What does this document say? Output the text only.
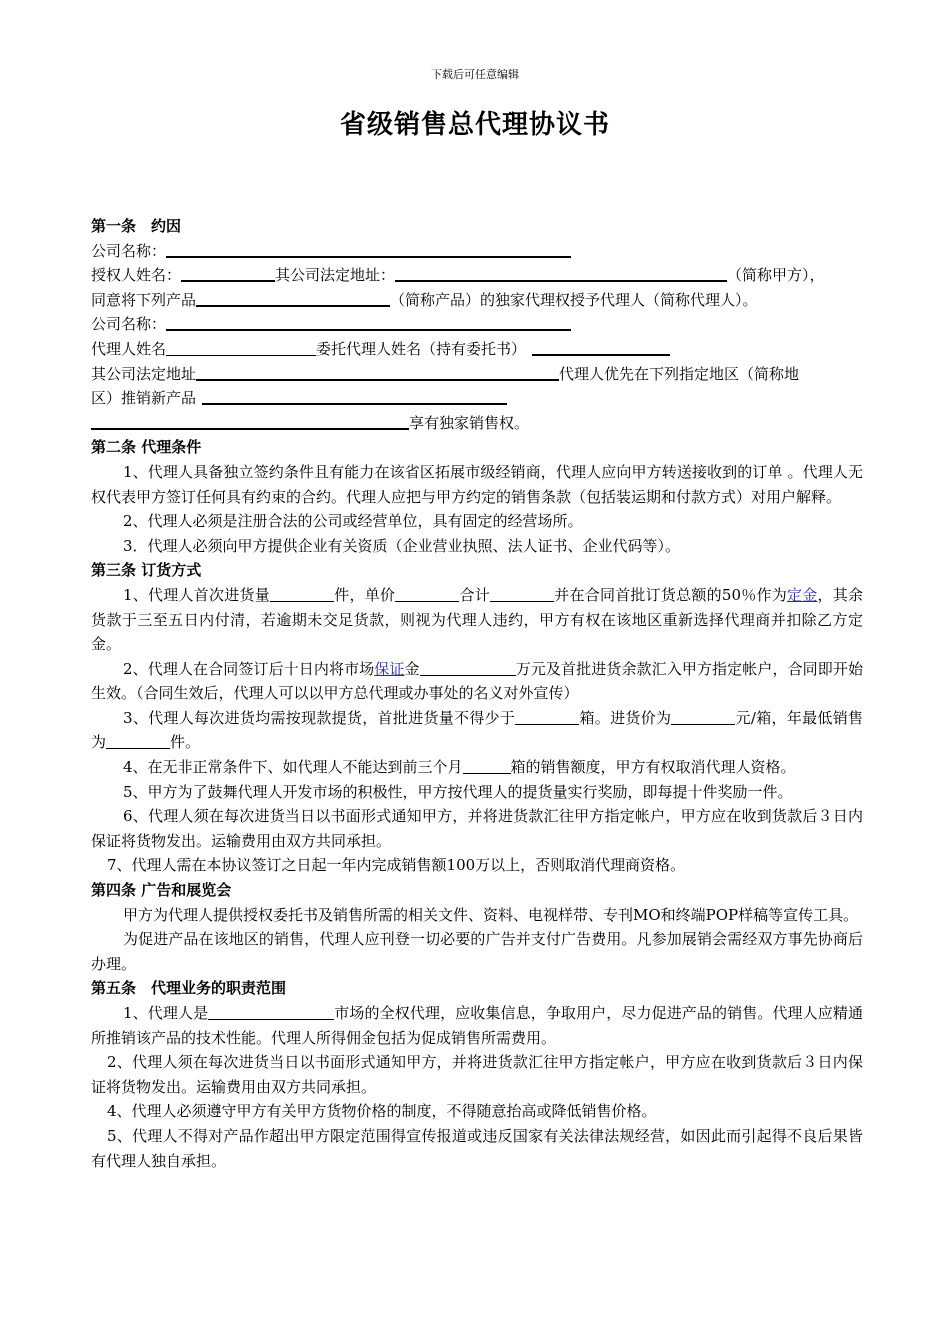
下载后可任意编辑
省级销售总代理协议书
第一条　约因
公司名称：
授权人姓名：	其公司法定地址：	（简称甲方），
同意将下列产品	（简称产品）的独家代理权授予代理人（简称代理人）。
公司名称：
代理人姓名	委托代理人姓名（持有委托书）
其公司法定地址	代理人优先在下列指定地区（简称地
区）推销新产品
享有独家销售权。
第二条 代理条件
1、代理人具备独立签约条件且有能力在该省区拓展市级经销商，代理人应向甲方转送接收到的订单 。代理人无权代表甲方签订任何具有约束的合约。代理人应把与甲方约定的销售条款（包括装运期和付款方式）对用户解释。
2、代理人必须是注册合法的公司或经营单位，具有固定的经营场所。
3．代理人必须向甲方提供企业有关资质（企业营业执照、法人证书、企业代码等）。
第三条 订货方式
1、代理人首次进货量	件，单价	合计	并在合同首批订货总额的50％作为定金，其余货款于三至五日内付清，若逾期未交足货款，则视为代理人违约，甲方有权在该地区重新选择代理商并扣除乙方定金。
2、代理人在合同签订后十日内将市场保证金	万元及首批进货余款汇入甲方指定帐户，合同即开始生效。（合同生效后，代理人可以以甲方总代理或办事处的名义对外宣传）
3、代理人每次进货均需按现款提货，首批进货量不得少于	箱。进货价为	元/箱，年最低销售为	件。
4、在无非正常条件下、如代理人不能达到前三个月	箱的销售额度，甲方有权取消代理人资格。
5、甲方为了鼓舞代理人开发市场的积极性，甲方按代理人的提货量实行奖励，即每提十件奖励一件。
6、代理人须在每次进货当日以书面形式通知甲方，并将进货款汇往甲方指定帐户，甲方应在收到货款后３日内保证将货物发出。运输费用由双方共同承担。
7、代理人需在本协议签订之日起一年内完成销售额100万以上，否则取消代理商资格。
第四条 广告和展览会
甲方为代理人提供授权委托书及销售所需的相关文件、资料、电视样带、专刊MO和终端POP样稿等宣传工具。
为促进产品在该地区的销售，代理人应刊登一切必要的广告并支付广告费用。凡参加展销会需经双方事先协商后办理。
第五条　代理业务的职责范围
1、代理人是	市场的全权代理，应收集信息，争取用户，尽力促进产品的销售。代理人应精通所推销该产品的技术性能。代理人所得佣金包括为促成销售所需费用。
2、代理人须在每次进货当日以书面形式通知甲方，并将进货款汇往甲方指定帐户，甲方应在收到货款后３日内保证将货物发出。运输费用由双方共同承担。
4、代理人必须遵守甲方有关甲方货物价格的制度，不得随意抬高或降低销售价格。
5、代理人不得对产品作超出甲方限定范围得宣传报道或违反国家有关法律法规经营，如因此而引起得不良后果皆有代理人独自承担。
